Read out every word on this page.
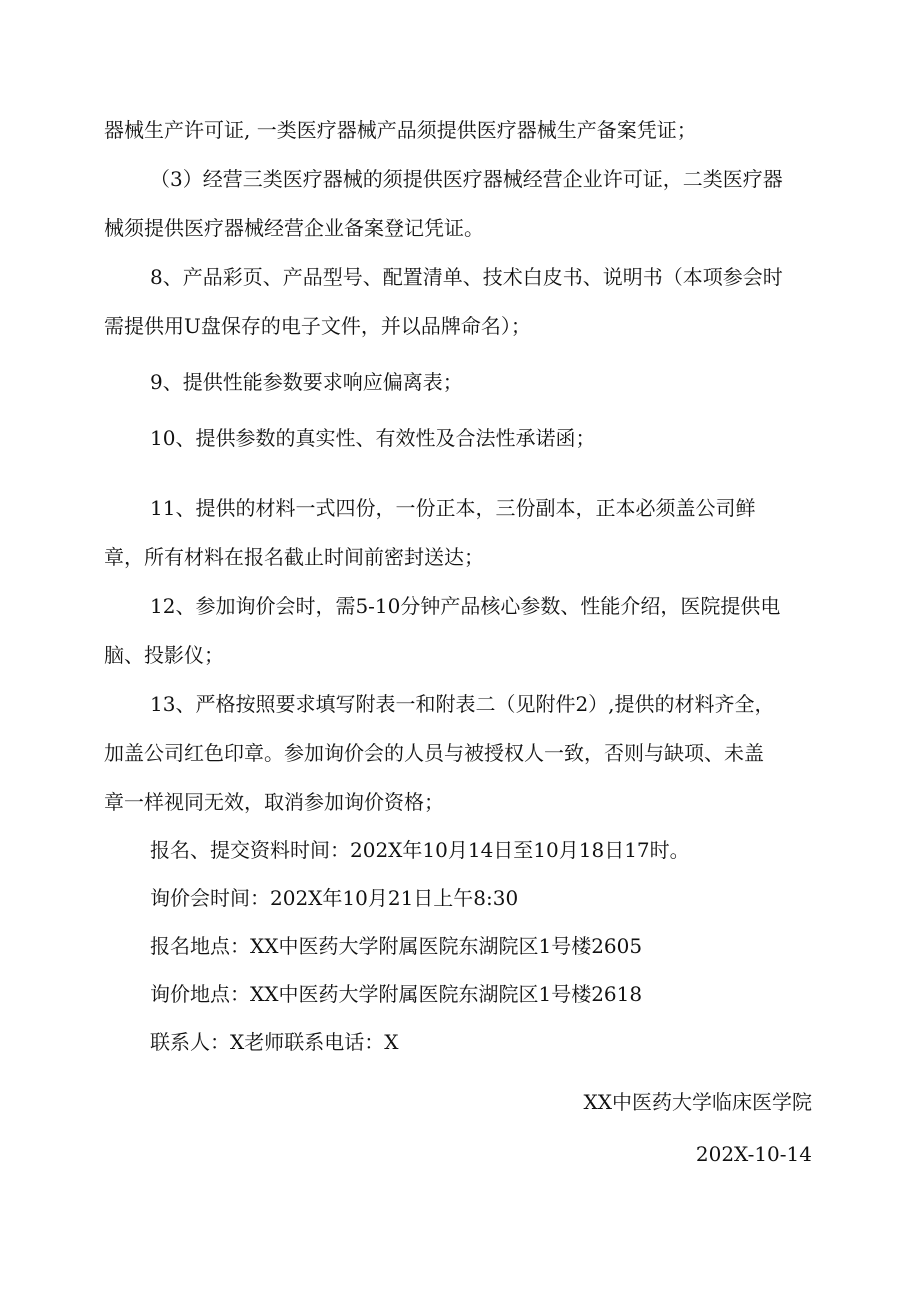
器械生产许可证, 一类医疗器械产品须提供医疗器械生产备案凭证；

（3）经营三类医疗器械的须提供医疗器械经营企业许可证，二类医疗器

械须提供医疗器械经营企业备案登记凭证。

8、产品彩页、产品型号、配置清单、技术白皮书、说明书（本项参会时

需提供用U盘保存的电子文件，并以品牌命名）；

9、提供性能参数要求响应偏离表；

10、提供参数的真实性、有效性及合法性承诺函；

11、提供的材料一式四份，一份正本，三份副本，正本必须盖公司鲜

章，所有材料在报名截止时间前密封送达；

12、参加询价会时，需5-10分钟产品核心参数、性能介绍，医院提供电

脑、投影仪；

13、严格按照要求填写附表一和附表二（见附件2）,提供的材料齐全，

加盖公司红色印章。参加询价会的人员与被授权人一致，否则与缺项、未盖

章一样视同无效，取消参加询价资格；

报名、提交资料时间：202X年10月14日至10月18日17时。

询价会时间：202X年10月21日上午8:30

报名地点：XX中医药大学附属医院东湖院区1号楼2605

询价地点：XX中医药大学附属医院东湖院区1号楼2618

联系人：X老师联系电话：X

XX中医药大学临床医学院

202X-10-14
